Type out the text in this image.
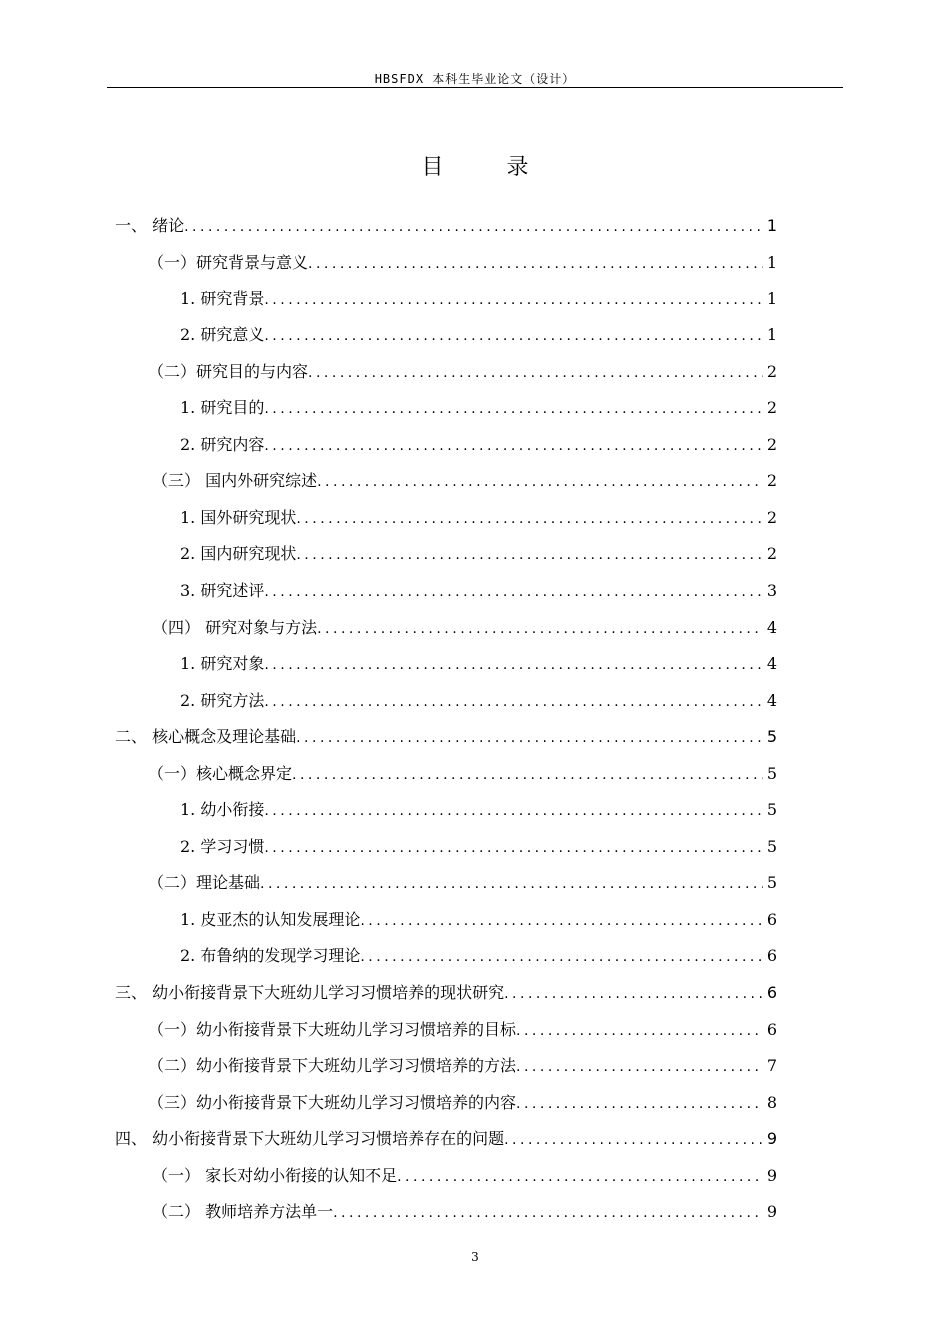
HBSFDX 本科生毕业论文（设计）
目 录
一、 绪论 .....	1
（一）研究背景与意义 .....	1
1. 研究背景 .....	1
2. 研究意义 .....	1
（二）研究目的与内容 .....	2
1. 研究目的 .....	2
2. 研究内容 .....	2
（三） 国内外研究综述 .....	2
1. 国外研究现状 .....	2
2. 国内研究现状 .....	2
3. 研究述评 .....	3
（四） 研究对象与方法 .....	4
1. 研究对象 .....	4
2. 研究方法 .....	4
二、 核心概念及理论基础 .....	5
（一）核心概念界定 .....	5
1. 幼小衔接 .....	5
2. 学习习惯 .....	5
（二）理论基础 .....	5
1. 皮亚杰的认知发展理论 .....	6
2. 布鲁纳的发现学习理论 .....	6
三、 幼小衔接背景下大班幼儿学习习惯培养的现状研究 .....	6
（一）幼小衔接背景下大班幼儿学习习惯培养的目标 .....	6
（二）幼小衔接背景下大班幼儿学习习惯培养的方法 .....	7
（三）幼小衔接背景下大班幼儿学习习惯培养的内容 .....	8
四、 幼小衔接背景下大班幼儿学习习惯培养存在的问题 .....	9
（一） 家长对幼小衔接的认知不足 .....	9
（二） 教师培养方法单一 .....	9
3
